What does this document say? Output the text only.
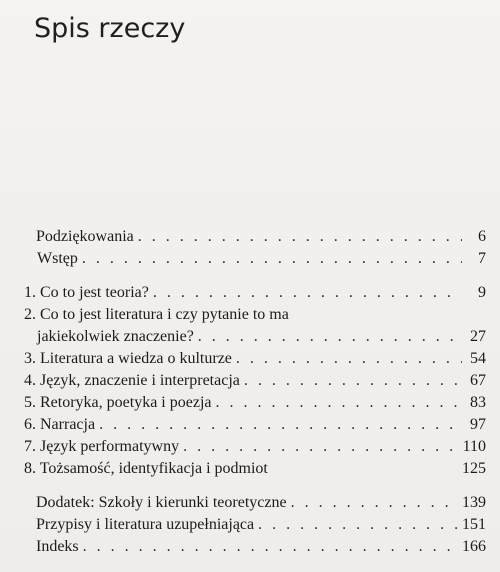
Spis rzeczy
Podziękowania . . .	6
Wstęp . . .	7
1. Co to jest teoria? . . .	9
2. Co to jest literatura i czy pytanie to ma
jakiekolwiek znaczenie? . . .	27
3. Literatura a wiedza o kulturze . . .	54
4. Język, znaczenie i interpretacja . . .	67
5. Retoryka, poetyka i poezja . . .	83
6. Narracja . . .	97
7. Język performatywny . . .	110
8. Tożsamość, identyfikacja i podmiot	125
Dodatek: Szkoły i kierunki teoretyczne . . .	139
Przypisy i literatura uzupełniająca . . .	151
Indeks . . .	166
